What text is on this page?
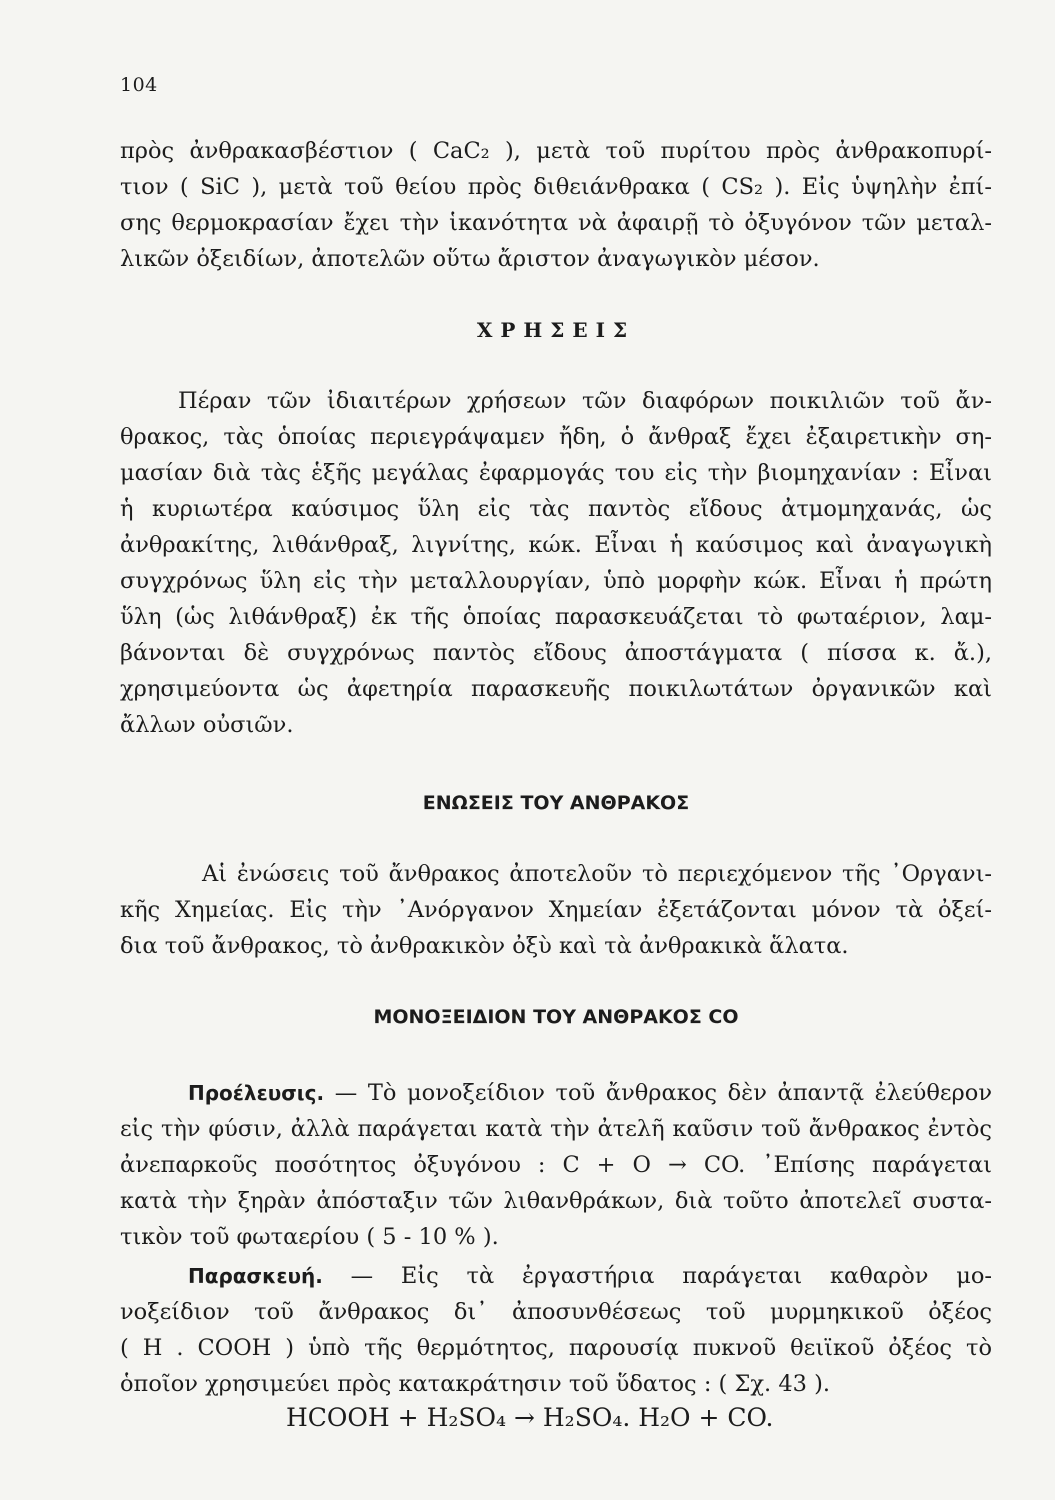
104
πρὸς ἀνθρακασβέστιον ( CaC₂ ), μετὰ τοῦ πυρίτου πρὸς ἀνθρακοπυρί-
τιον ( SiC ), μετὰ τοῦ θείου πρὸς διθειάνθρακα ( CS₂ ). Εἰς ὑψηλὴν ἐπί-
σης θερμοκρασίαν ἔχει τὴν ἱκανότητα νὰ ἀφαιρῇ τὸ ὀξυγόνον τῶν μεταλ-
λικῶν ὀξειδίων, ἀποτελῶν οὕτω ἄριστον ἀναγωγικὸν μέσον.
ΧΡΗΣΕΙΣ
Πέραν τῶν ἰδιαιτέρων χρήσεων τῶν διαφόρων ποικιλιῶν τοῦ ἄν-
θρακος, τὰς ὁποίας περιεγράψαμεν ἤδη, ὁ ἄνθραξ ἔχει ἐξαιρετικὴν ση-
μασίαν διὰ τὰς ἑξῆς μεγάλας ἐφαρμογάς του εἰς τὴν βιομηχανίαν : Εἶναι
ἡ κυριωτέρα καύσιμος ὕλη εἰς τὰς παντὸς εἴδους ἀτμομηχανάς, ὡς
ἀνθρακίτης, λιθάνθραξ, λιγνίτης, κώκ. Εἶναι ἡ καύσιμος καὶ ἀναγωγικὴ
συγχρόνως ὕλη εἰς τὴν μεταλλουργίαν, ὑπὸ μορφὴν κώκ. Εἶναι ἡ πρώτη
ὕλη (ὡς λιθάνθραξ) ἐκ τῆς ὁποίας παρασκευάζεται τὸ φωταέριον, λαμ-
βάνονται δὲ συγχρόνως παντὸς εἴδους ἀποστάγματα ( πίσσα κ. ἄ.),
χρησιμεύοντα ὡς ἀφετηρία παρασκευῆς ποικιλωτάτων ὀργανικῶν καὶ
ἄλλων οὐσιῶν.
ΕΝΩΣΕΙΣ ΤΟΥ ΑΝΘΡΑΚΟΣ
Αἱ ἐνώσεις τοῦ ἄνθρακος ἀποτελοῦν τὸ περιεχόμενον τῆς ᾿Οργανι-
κῆς Χημείας. Εἰς τὴν ᾿Ανόργανον Χημείαν ἐξετάζονται μόνον τὰ ὀξεί-
δια τοῦ ἄνθρακος, τὸ ἀνθρακικὸν ὀξὺ καὶ τὰ ἀνθρακικὰ ἅλατα.
ΜΟΝΟΞΕΙΔΙΟΝ ΤΟΥ ΑΝΘΡΑΚΟΣ CO
Προέλευσις. — Τὸ μονοξείδιον τοῦ ἄνθρακος δὲν ἀπαντᾷ ἐλεύθερον
εἰς τὴν φύσιν, ἀλλὰ παράγεται κατὰ τὴν ἀτελῆ καῦσιν τοῦ ἄνθρακος ἐντὸς
ἀνεπαρκοῦς ποσότητος ὀξυγόνου : C + O → CO. ᾿Επίσης παράγεται
κατὰ τὴν ξηρὰν ἀπόσταξιν τῶν λιθανθράκων, διὰ τοῦτο ἀποτελεῖ συστα-
τικὸν τοῦ φωταερίου ( 5 - 10 % ).
Παρασκευή. — Εἰς τὰ ἐργαστήρια παράγεται καθαρὸν μο-
νοξείδιον τοῦ ἄνθρακος δι᾿ ἀποσυνθέσεως τοῦ μυρμηκικοῦ ὀξέος
( H . COOH ) ὑπὸ τῆς θερμότητος, παρουσίᾳ πυκνοῦ θειϊκοῦ ὀξέος τὸ
ὁποῖον χρησιμεύει πρὸς κατακράτησιν τοῦ ὕδατος : ( Σχ. 43 ).
HCOOH + H₂SO₄ → H₂SO₄. H₂O + CO.
